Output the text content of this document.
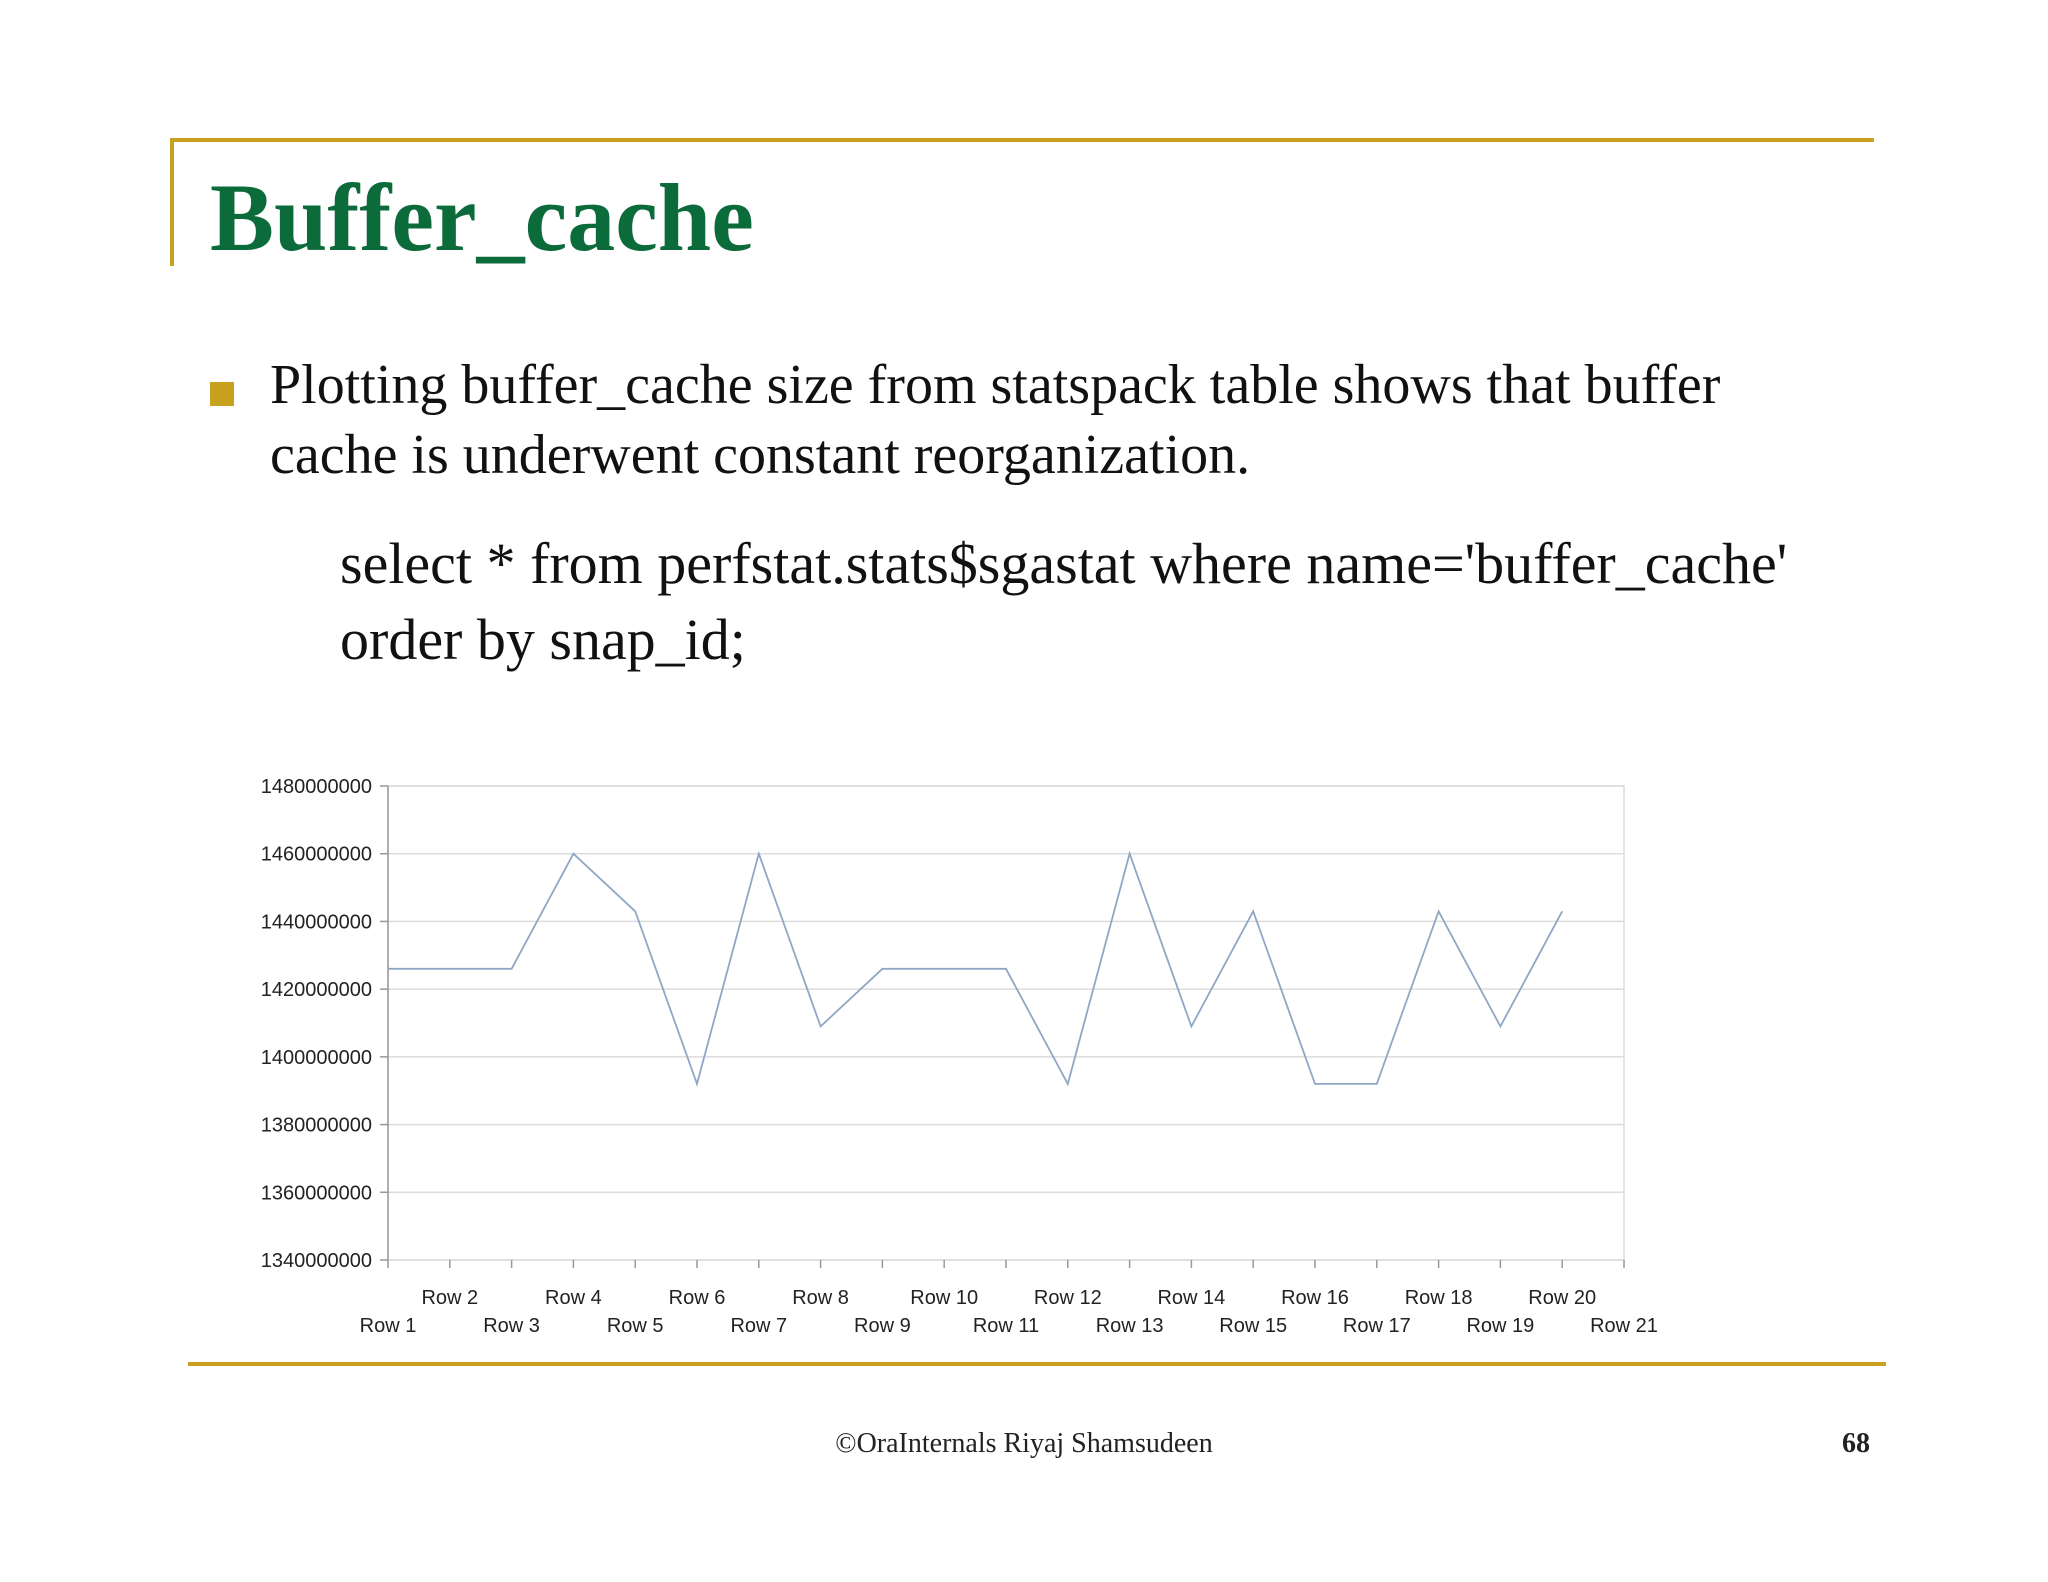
Buffer_cache
Plotting buffer_cache size from statspack table shows that buffer cache is underwent constant reorganization.
select * from perfstat.stats$sgastat where name='buffer_cache'
order by snap_id;
1340000000
1360000000
1380000000
1400000000
1420000000
1440000000
1460000000
1480000000
Row 1
Row 2
Row 3
Row 4
Row 5
Row 6
Row 7
Row 8
Row 9
Row 10
Row 11
Row 12
Row 13
Row 14
Row 15
Row 16
Row 17
Row 18
Row 19
Row 20
Row 21
©OraInternals Riyaj Shamsudeen	68
